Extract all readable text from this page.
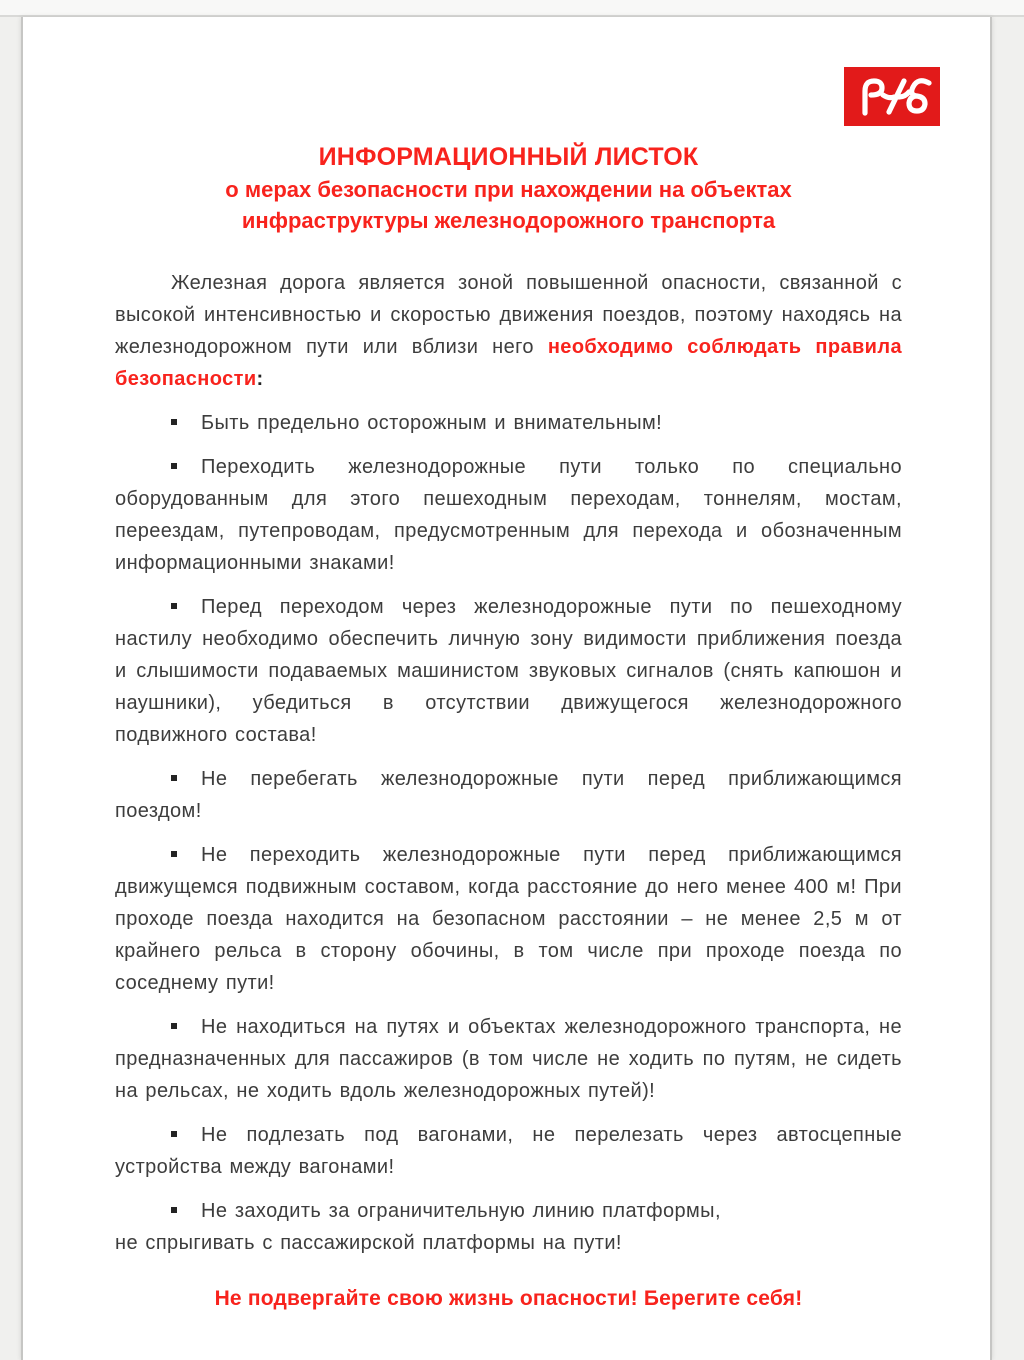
ИНФОРМАЦИОННЫЙ ЛИСТОК

о мерах безопасности при нахождении на объектах

инфраструктуры железнодорожного транспорта

Железная дорога является зоной повышенной опасности, связанной с высокой интенсивностью и скоростью движения поездов, поэтому находясь на железнодорожном пути или вблизи него необходимо соблюдать правила безопасности:

Быть предельно осторожным и внимательным!

Переходить железнодорожные пути только по специально оборудованным для этого пешеходным переходам, тоннелям, мостам, переездам, путепроводам, предусмотренным для перехода и обозначенным информационными знаками!

Перед переходом через железнодорожные пути по пешеходному настилу необходимо обеспечить личную зону видимости приближения поезда и слышимости подаваемых машинистом звуковых сигналов (снять капюшон и наушники), убедиться в отсутствии движущегося железнодорожного подвижного состава!

Не перебегать железнодорожные пути перед приближающимся поездом!

Не переходить железнодорожные пути перед приближающимся движущемся подвижным составом, когда расстояние до него менее 400 м! При проходе поезда находится на безопасном расстоянии – не менее 2,5 м от крайнего рельса в сторону обочины, в том числе при проходе поезда по соседнему пути!

Не находиться на путях и объектах железнодорожного транспорта, не предназначенных для пассажиров (в том числе не ходить по путям, не сидеть на рельсах, не ходить вдоль железнодорожных путей)!

Не подлезать под вагонами, не перелезать через автосцепные устройства между вагонами!

Не заходить за ограничительную линию платформы,
не спрыгивать с пассажирской платформы на пути!

Не подвергайте свою жизнь опасности! Берегите себя!
